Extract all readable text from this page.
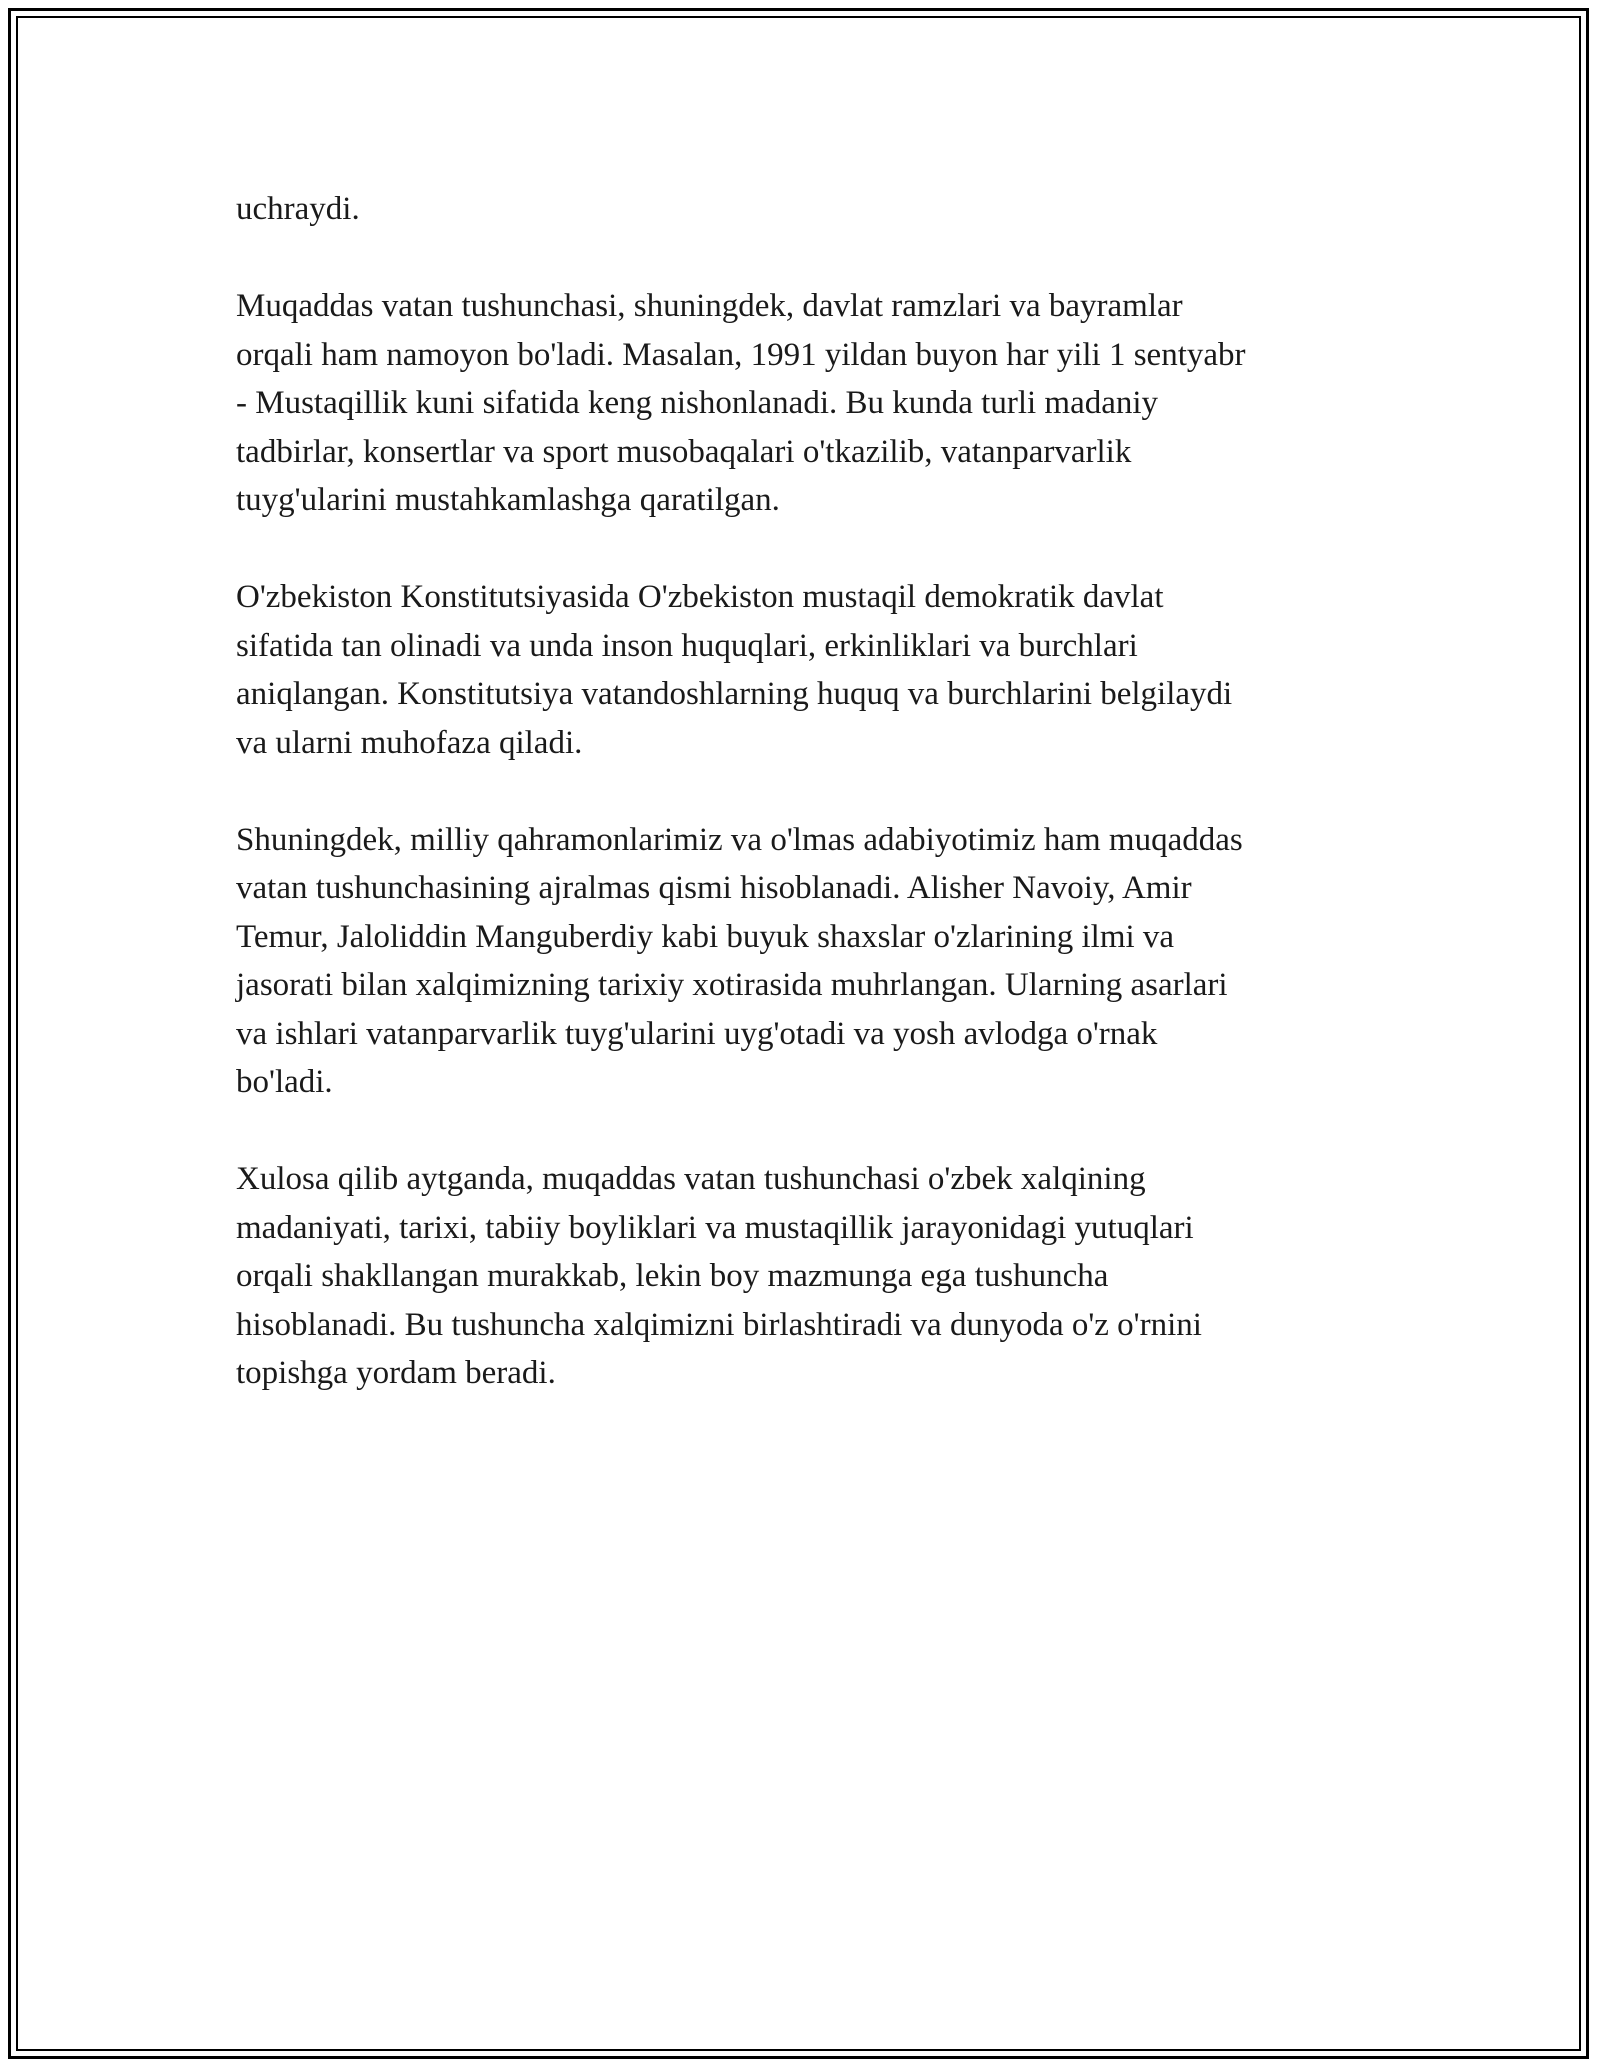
uchraydi.

Muqaddas vatan tushunchasi, shuningdek, davlat ramzlari va bayramlar
orqali ham namoyon bo'ladi. Masalan, 1991 yildan buyon har yili 1 sentyabr
- Mustaqillik kuni sifatida keng nishonlanadi. Bu kunda turli madaniy
tadbirlar, konsertlar va sport musobaqalari o'tkazilib, vatanparvarlik
tuyg'ularini mustahkamlashga qaratilgan.

O'zbekiston Konstitutsiyasida O'zbekiston mustaqil demokratik davlat
sifatida tan olinadi va unda inson huquqlari, erkinliklari va burchlari
aniqlangan. Konstitutsiya vatandoshlarning huquq va burchlarini belgilaydi
va ularni muhofaza qiladi.

Shuningdek, milliy qahramonlarimiz va o'lmas adabiyotimiz ham muqaddas
vatan tushunchasining ajralmas qismi hisoblanadi. Alisher Navoiy, Amir
Temur, Jaloliddin Manguberdiy kabi buyuk shaxslar o'zlarining ilmi va
jasorati bilan xalqimizning tarixiy xotirasida muhrlangan. Ularning asarlari
va ishlari vatanparvarlik tuyg'ularini uyg'otadi va yosh avlodga o'rnak
bo'ladi.

Xulosa qilib aytganda, muqaddas vatan tushunchasi o'zbek xalqining
madaniyati, tarixi, tabiiy boyliklari va mustaqillik jarayonidagi yutuqlari
orqali shakllangan murakkab, lekin boy mazmunga ega tushuncha
hisoblanadi. Bu tushuncha xalqimizni birlashtiradi va dunyoda o'z o'rnini
topishga yordam beradi.
